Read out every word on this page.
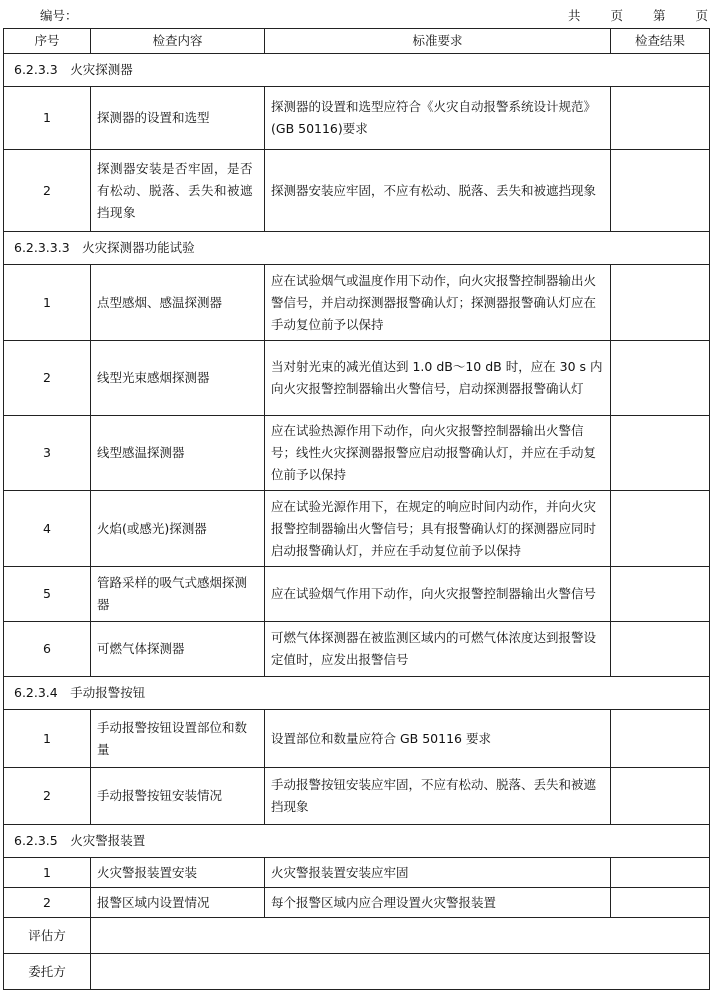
编号：	共 页 第 页
序号	检查内容	标准要求	检查结果
6.2.3.3　火灾探测器			
1	探测器的设置和选型	探测器的设置和选型应符合《火灾自动报警系统设计规范》(GB 50116)要求	
2	探测器安装是否牢固，是否有松动、脱落、丢失和被遮挡现象	探测器安装应牢固，不应有松动、脱落、丢失和被遮挡现象	
6.2.3.3.3　火灾探测器功能试验			
1	点型感烟、感温探测器	应在试验烟气或温度作用下动作，向火灾报警控制器输出火警信号，并启动探测器报警确认灯；探测器报警确认灯应在手动复位前予以保持	
2	线型光束感烟探测器	当对射光束的减光值达到 1.0 dB～10 dB 时，应在 30 s 内向火灾报警控制器输出火警信号，启动探测器报警确认灯	
3	线型感温探测器	应在试验热源作用下动作，向火灾报警控制器输出火警信号；线性火灾探测器报警应启动报警确认灯，并应在手动复位前予以保持	
4	火焰(或感光)探测器	应在试验光源作用下，在规定的响应时间内动作，并向火灾报警控制器输出火警信号；具有报警确认灯的探测器应同时启动报警确认灯，并应在手动复位前予以保持	
5	管路采样的吸气式感烟探测器	应在试验烟气作用下动作，向火灾报警控制器输出火警信号	
6	可燃气体探测器	可燃气体探测器在被监测区域内的可燃气体浓度达到报警设定值时，应发出报警信号	
6.2.3.4　手动报警按钮			
1	手动报警按钮设置部位和数量	设置部位和数量应符合 GB 50116 要求	
2	手动报警按钮安装情况	手动报警按钮安装应牢固，不应有松动、脱落、丢失和被遮挡现象	
6.2.3.5　火灾警报装置			
1	火灾警报装置安装	火灾警报装置安装应牢固	
2	报警区域内设置情况	每个报警区域内应合理设置火灾警报装置	
评估方			
委托方			
